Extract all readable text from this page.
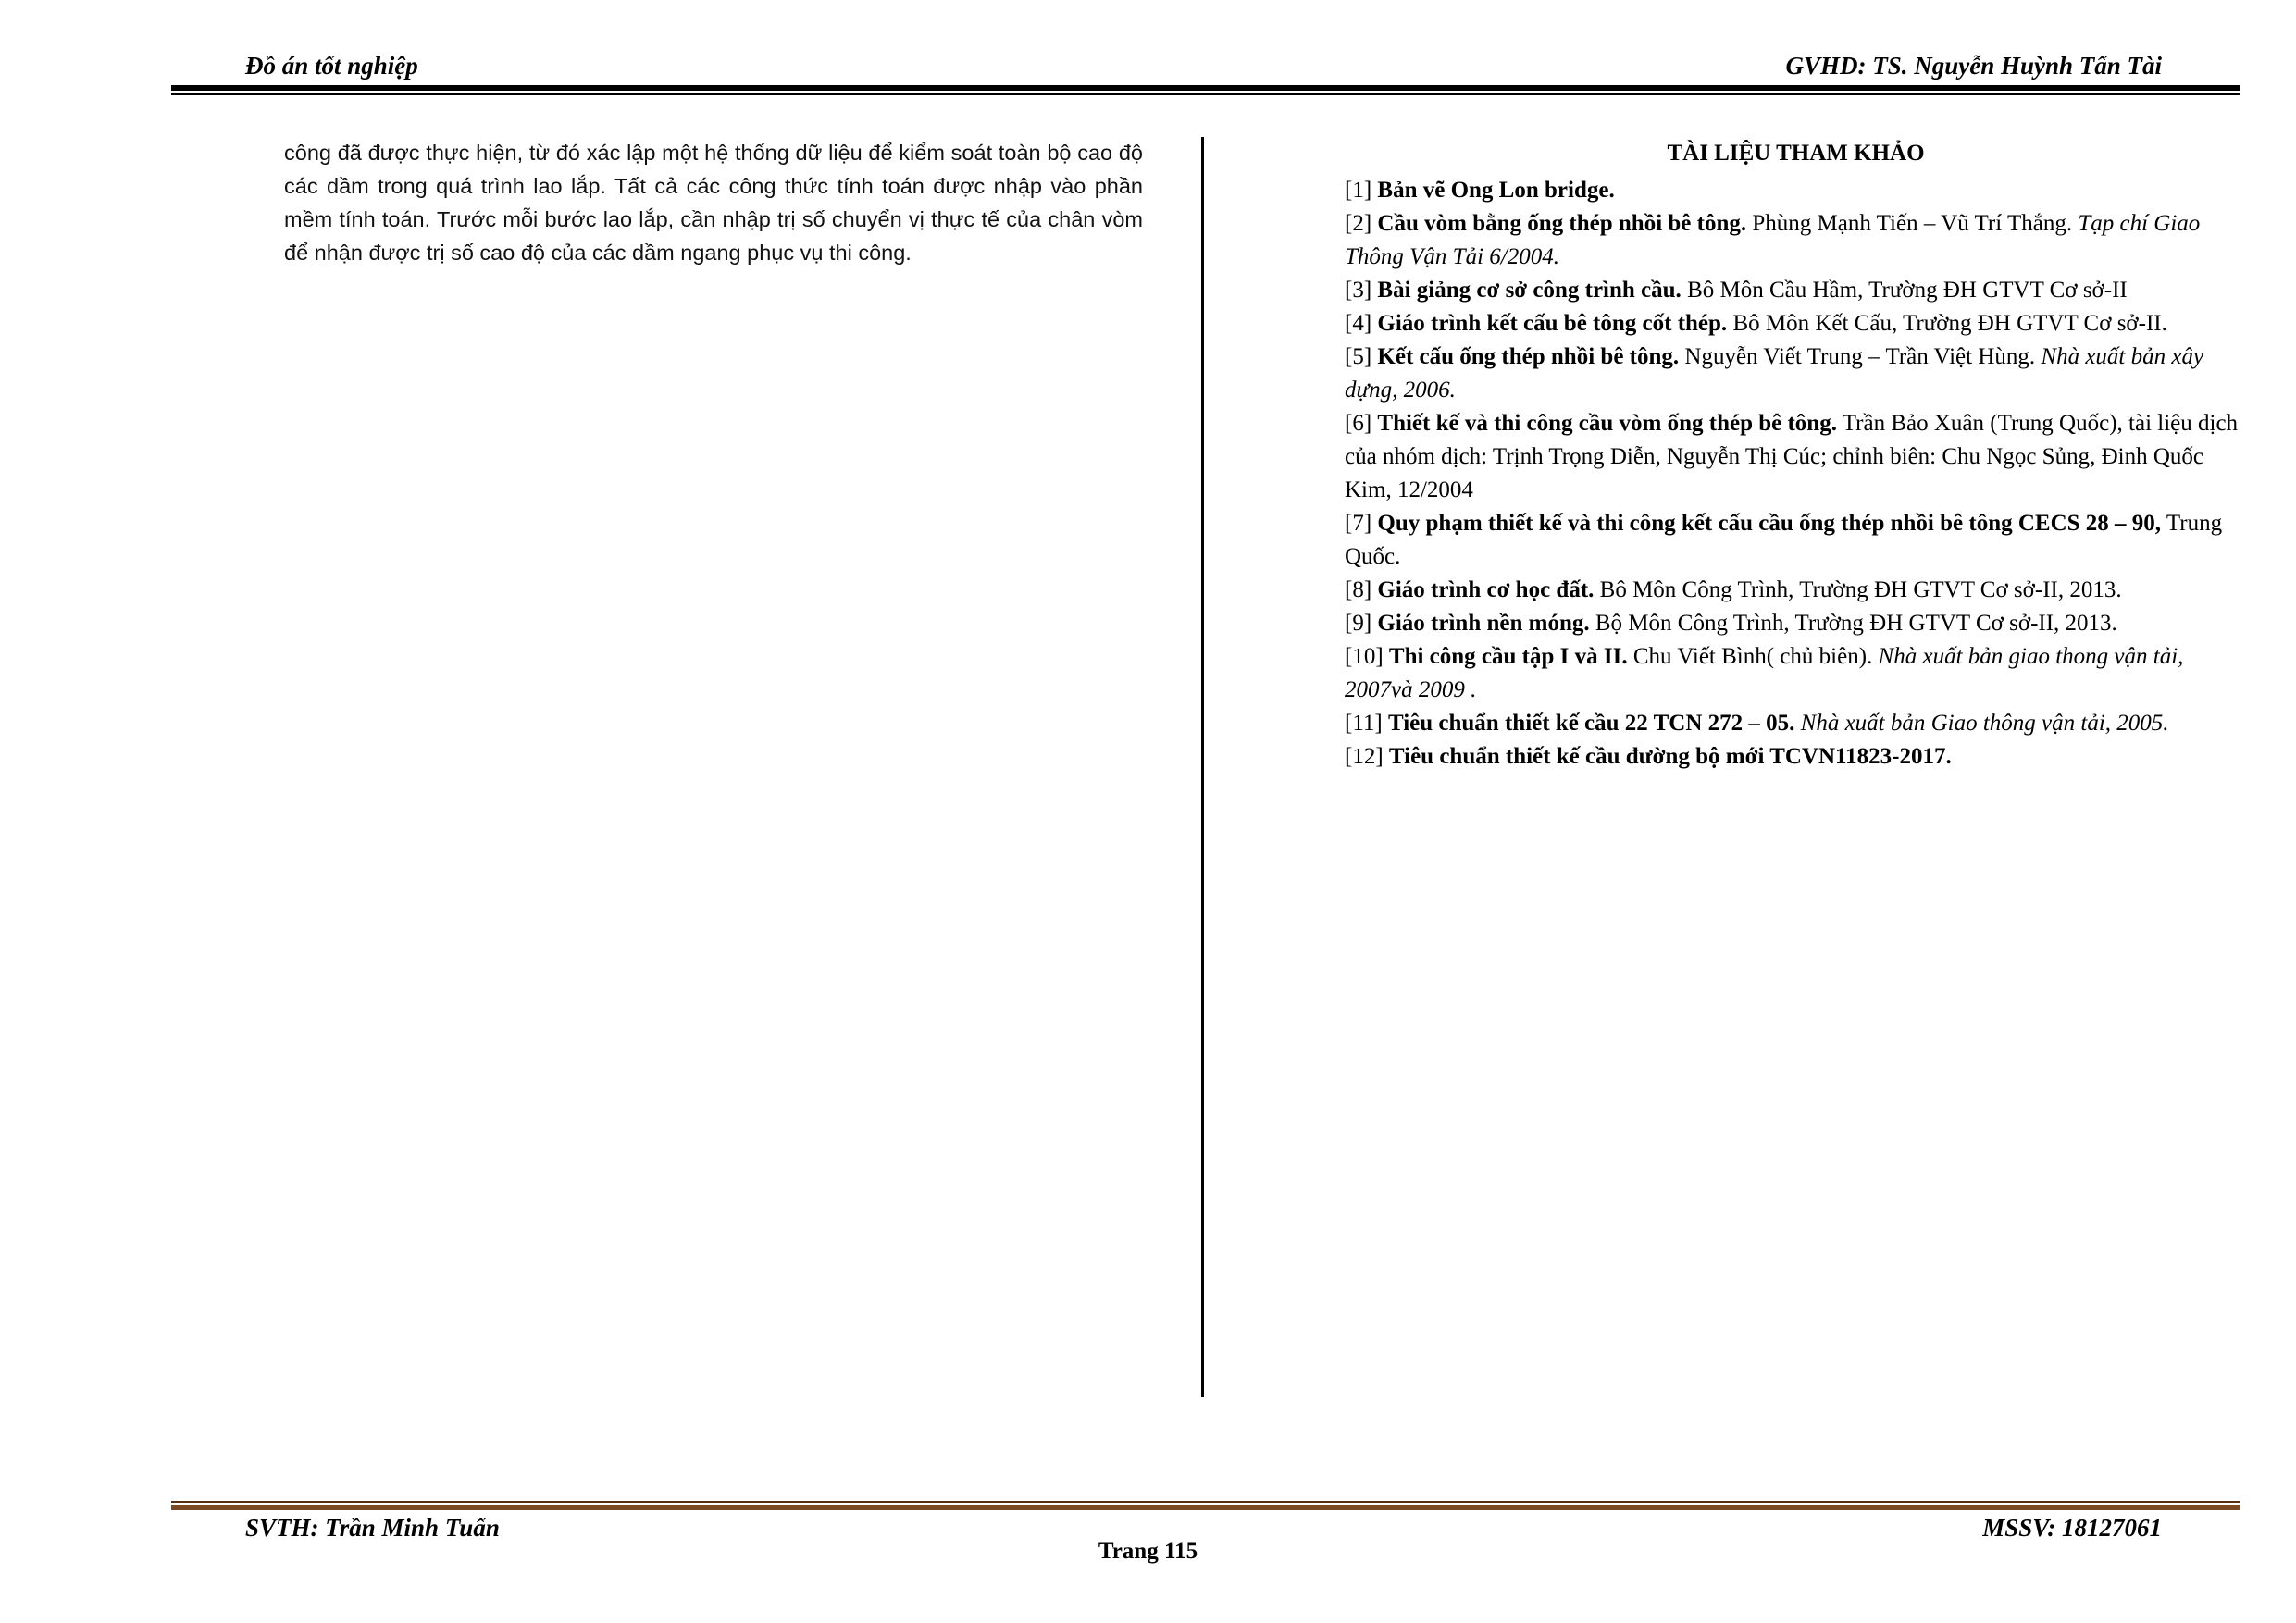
Đồ án tốt nghiệp	GVHD: TS. Nguyễn Huỳnh Tấn Tài

công đã được thực hiện, từ đó xác lập một hệ thống dữ liệu để kiểm soát toàn bộ cao độ các dầm trong quá trình lao lắp. Tất cả các công thức tính toán được nhập vào phần mềm tính toán. Trước mỗi bước lao lắp, cần nhập trị số chuyển vị thực tế của chân vòm để nhận được trị số cao độ của các dầm ngang phục vụ thi công.

TÀI LIỆU THAM KHẢO
[1] Bản vẽ Ong Lon bridge.
[2] Cầu vòm bằng ống thép nhồi bê tông. Phùng Mạnh Tiến – Vũ Trí Thắng. Tạp chí Giao Thông Vận Tải 6/2004.
[3] Bài giảng cơ sở công trình cầu. Bô Môn Cầu Hầm, Trường ĐH GTVT Cơ sở-II
[4] Giáo trình kết cấu bê tông cốt thép. Bô Môn Kết Cấu, Trường ĐH GTVT Cơ sở-II.
[5] Kết cấu ống thép nhồi bê tông. Nguyễn Viết Trung – Trần Việt Hùng. Nhà xuất bản xây dựng, 2006.
[6] Thiết kế và thi công cầu vòm ống thép bê tông. Trần Bảo Xuân (Trung Quốc), tài liệu dịch của nhóm dịch: Trịnh Trọng Diễn, Nguyễn Thị Cúc; chỉnh biên: Chu Ngọc Sủng, Đinh Quốc Kim, 12/2004
[7] Quy phạm thiết kế và thi công kết cấu cầu ống thép nhồi bê tông CECS 28 – 90, Trung Quốc.
[8] Giáo trình cơ học đất. Bô Môn Công Trình, Trường ĐH GTVT Cơ sở-II, 2013.
[9] Giáo trình nền móng. Bộ Môn Công Trình, Trường ĐH GTVT Cơ sở-II, 2013.
[10] Thi công cầu tập I và II. Chu Viết Bình( chủ biên). Nhà xuất bản giao thong vận tải, 2007và 2009 .
[11] Tiêu chuẩn thiết kế cầu 22 TCN 272 – 05. Nhà xuất bản Giao thông vận tải, 2005.
[12] Tiêu chuẩn thiết kế cầu đường bộ mới TCVN11823-2017.
SVTH: Trần Minh Tuấn	MSSV: 18127061
Trang 115
